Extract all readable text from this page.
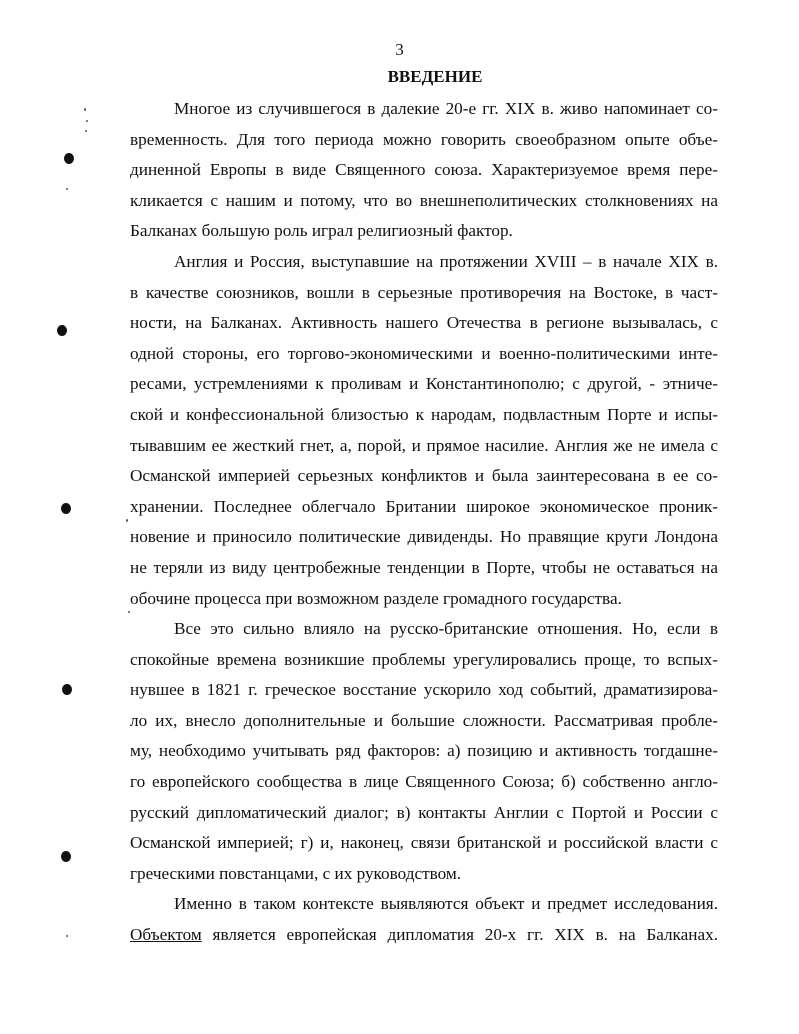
3
ВВЕДЕНИЕ

Многое из случившегося в далекие 20-е гг. XIX в. живо напоминает со-
временность. Для того периода можно говорить своеобразном опыте объе-
диненной Европы в виде Священного союза. Характеризуемое время пере-
кликается с нашим и потому, что во внешнеполитических столкновениях на
Балканах большую роль играл религиозный фактор.

Англия и Россия, выступавшие на протяжении XVIII – в начале XIX в.
в качестве союзников, вошли в серьезные противоречия на Востоке, в част-
ности, на Балканах. Активность нашего Отечества в регионе вызывалась, с
одной стороны, его торгово-экономическими и военно-политическими инте-
ресами, устремлениями к проливам и Константинополю; с другой, - этниче-
ской и конфессиональной близостью к народам, подвластным Порте и испы-
тывавшим ее жесткий гнет, а, порой, и прямое насилие. Англия же не имела с
Османской империей серьезных конфликтов и была заинтересована в ее со-
хранении. Последнее облегчало Британии широкое экономическое проник-
новение и приносило политические дивиденды. Но правящие круги Лондона
не теряли из виду центробежные тенденции в Порте, чтобы не оставаться на
обочине процесса при возможном разделе громадного государства.

Все это сильно влияло на русско-британские отношения. Но, если в
спокойные времена возникшие проблемы урегулировались проще, то вспых-
нувшее в 1821 г. греческое восстание ускорило ход событий, драматизирова-
ло их, внесло дополнительные и большие сложности. Рассматривая пробле-
му, необходимо учитывать ряд факторов: а) позицию и активность тогдашне-
го европейского сообщества в лице Священного Союза; б) собственно англо-
русский дипломатический диалог; в) контакты Англии с Портой и России с
Османской империей; г) и, наконец, связи британской и российской власти с
греческими повстанцами, с их руководством.

Именно в таком контексте выявляются объект и предмет исследования.
Объектом является европейская дипломатия 20-х гг. XIX в. на Балканах.
